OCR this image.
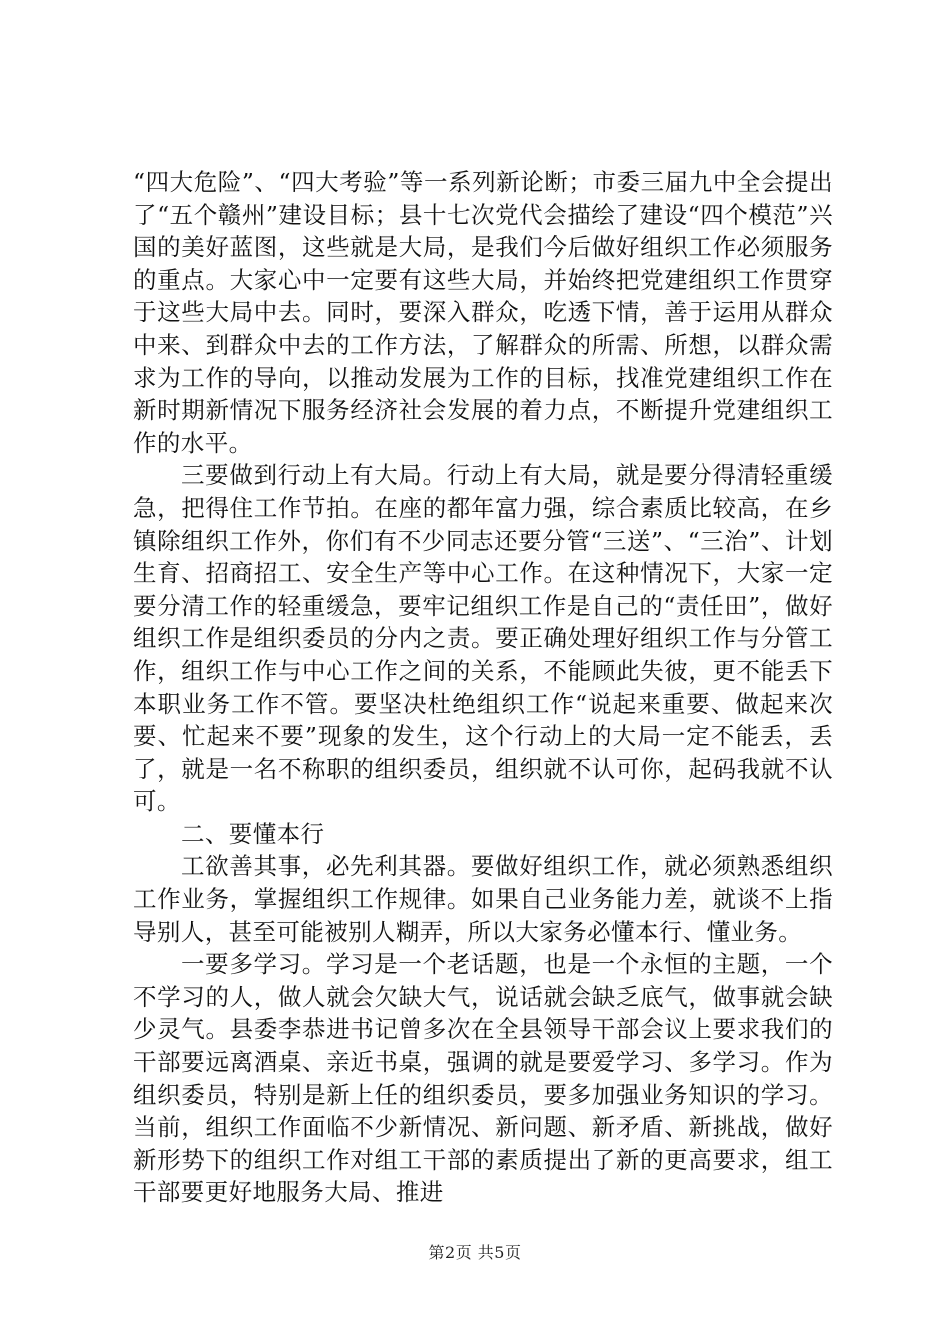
“四大危险”、“四大考验”等一系列新论断；市委三届九中全会提出了“五个赣州”建设目标；县十七次党代会描绘了建设“四个模范”兴国的美好蓝图，这些就是大局，是我们今后做好组织工作必须服务的重点。大家心中一定要有这些大局，并始终把党建组织工作贯穿于这些大局中去。同时，要深入群众，吃透下情，善于运用从群众中来、到群众中去的工作方法，了解群众的所需、所想，以群众需求为工作的导向，以推动发展为工作的目标，找准党建组织工作在新时期新情况下服务经济社会发展的着力点，不断提升党建组织工作的水平。

三要做到行动上有大局。行动上有大局，就是要分得清轻重缓急，把得住工作节拍。在座的都年富力强，综合素质比较高，在乡镇除组织工作外，你们有不少同志还要分管“三送”、“三治”、计划生育、招商招工、安全生产等中心工作。在这种情况下，大家一定要分清工作的轻重缓急，要牢记组织工作是自己的“责任田”，做好组织工作是组织委员的分内之责。要正确处理好组织工作与分管工作，组织工作与中心工作之间的关系，不能顾此失彼，更不能丢下本职业务工作不管。要坚决杜绝组织工作“说起来重要、做起来次要、忙起来不要”现象的发生，这个行动上的大局一定不能丢，丢了，就是一名不称职的组织委员，组织就不认可你，起码我就不认可。

二、要懂本行

工欲善其事，必先利其器。要做好组织工作，就必须熟悉组织工作业务，掌握组织工作规律。如果自己业务能力差，就谈不上指导别人，甚至可能被别人糊弄，所以大家务必懂本行、懂业务。

一要多学习。学习是一个老话题，也是一个永恒的主题，一个不学习的人，做人就会欠缺大气，说话就会缺乏底气，做事就会缺少灵气。县委李恭进书记曾多次在全县领导干部会议上要求我们的干部要远离酒桌、亲近书桌，强调的就是要爱学习、多学习。作为组织委员，特别是新上任的组织委员，要多加强业务知识的学习。当前，组织工作面临不少新情况、新问题、新矛盾、新挑战，做好新形势下的组织工作对组工干部的素质提出了新的更高要求，组工干部要更好地服务大局、推进

第2页 共5页
